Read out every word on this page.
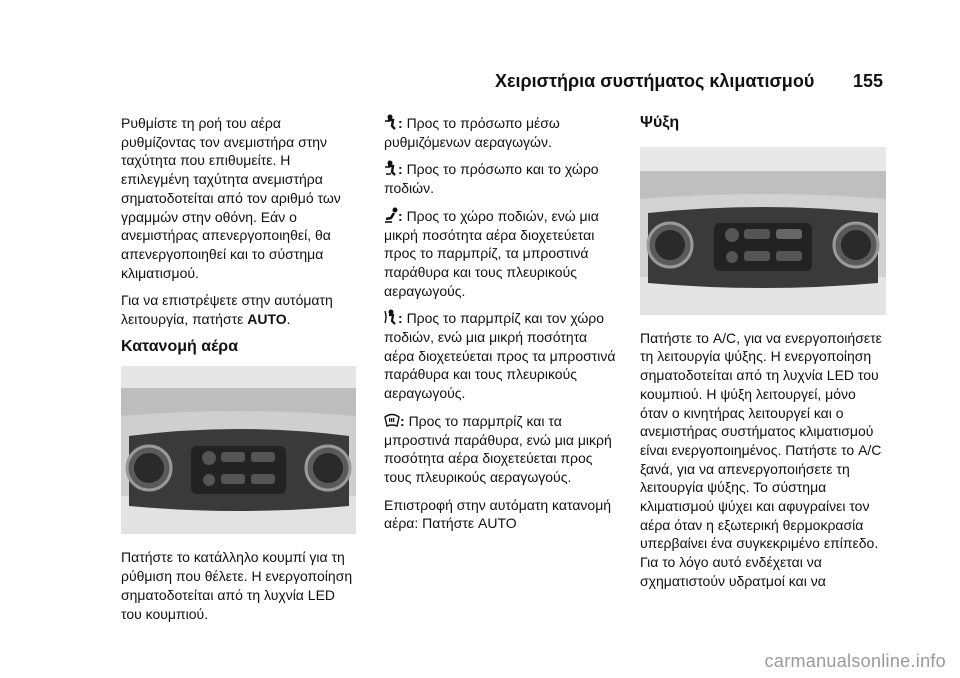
Χειριστήρια συστήματος κλιματισμού 155

Ρυθμίστε τη ροή του αέρα ρυθμίζοντας τον ανεμιστήρα στην ταχύτητα που επιθυμείτε. Η επιλεγμένη ταχύτητα ανεμιστήρα σηματοδοτείται από τον αριθμό των γραμμών στην οθόνη. Εάν ο ανεμιστήρας απενεργοποιηθεί, θα απενεργοποιηθεί και το σύστημα κλιματισμού.

Για να επιστρέψετε στην αυτόματη λειτουργία, πατήστε AUTO.

Κατανομή αέρα

Πατήστε το κατάλληλο κουμπί για τη ρύθμιση που θέλετε. Η ενεργοποίηση σηματοδοτείται από τη λυχνία LED του κουμπιού.

: Προς το πρόσωπο μέσω ρυθμιζόμενων αεραγωγών.

: Προς το πρόσωπο και το χώρο ποδιών.

: Προς το χώρο ποδιών, ενώ μια μικρή ποσότητα αέρα διοχετεύεται προς το παρμπρίζ, τα μπροστινά παράθυρα και τους πλευρικούς αεραγωγούς.

: Προς το παρμπρίζ και τον χώρο ποδιών, ενώ μια μικρή ποσότητα αέρα διοχετεύεται προς τα μπροστινά παράθυρα και τους πλευρικούς αεραγωγούς.

: Προς το παρμπρίζ και τα μπροστινά παράθυρα, ενώ μια μικρή ποσότητα αέρα διοχετεύεται προς τους πλευρικούς αεραγωγούς.

Επιστροφή στην αυτόματη κατανομή αέρα: Πατήστε AUTO

Ψύξη

Πατήστε το A/C, για να ενεργοποιήσετε τη λειτουργία ψύξης. Η ενεργοποίηση σηματοδοτείται από τη λυχνία LED του κουμπιού. Η ψύξη λειτουργεί, μόνο όταν ο κινητήρας λειτουργεί και ο ανεμιστήρας συστήματος κλιματισμού είναι ενεργοποιημένος. Πατήστε το A/C ξανά, για να απενεργοποιήσετε τη λειτουργία ψύξης. Το σύστημα κλιματισμού ψύχει και αφυγραίνει τον αέρα όταν η εξωτερική θερμοκρασία υπερβαίνει ένα συγκεκριμένο επίπεδο. Για το λόγο αυτό ενδέχεται να σχηματιστούν υδρατμοί και να

carmanualsonline.info
